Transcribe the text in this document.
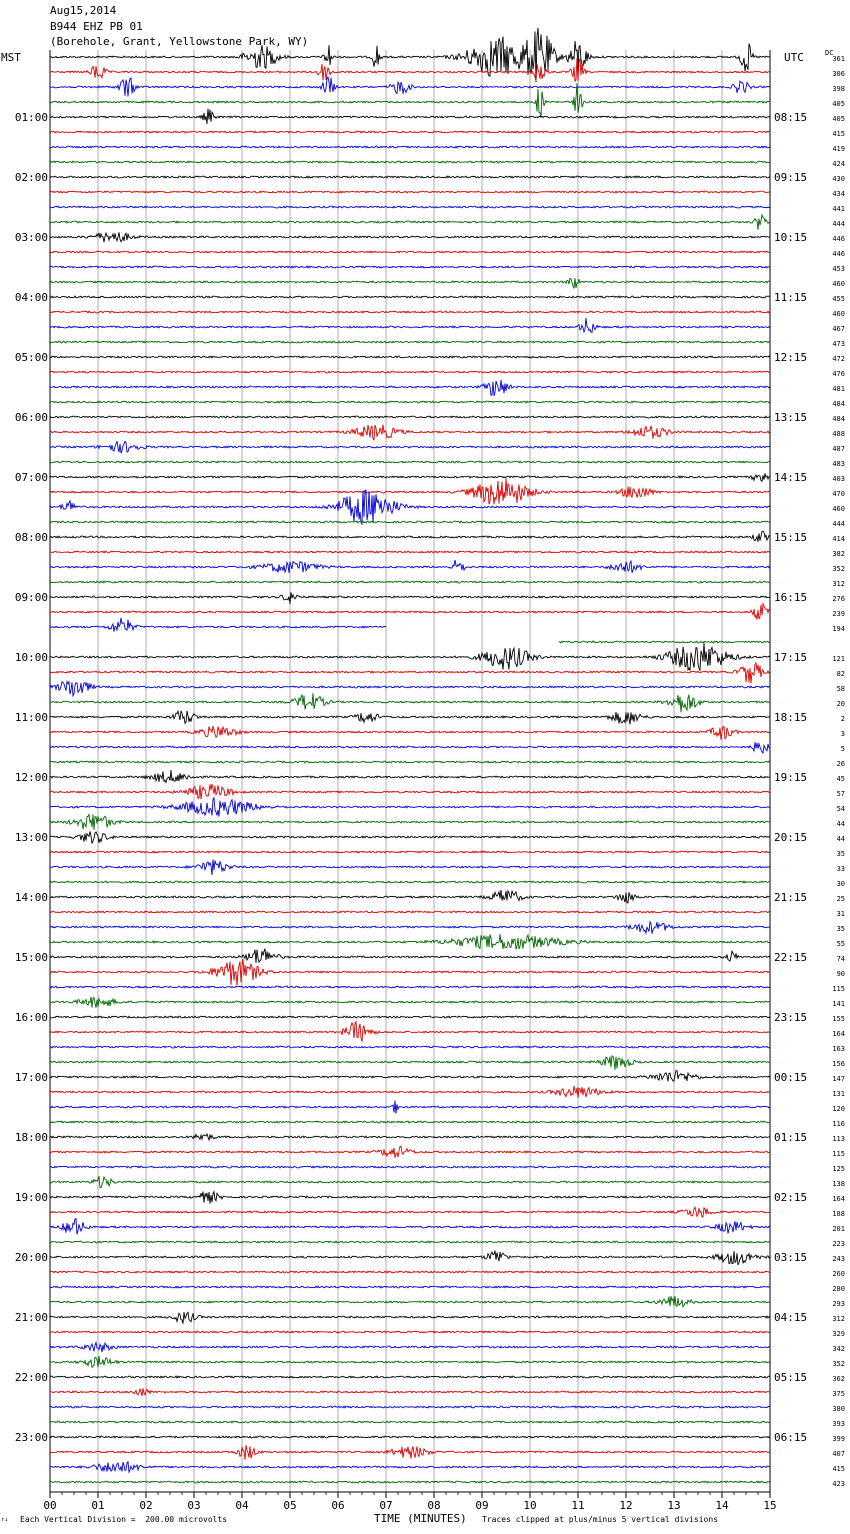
Aug15,2014
B944 EHZ PB 01
(Borehole, Grant, Yellowstone Park, WY)
MST	UTC	DC
00	01	02	03	04	05	06	07	08	09	10	11	12	13	14	15
01:00
02:00
03:00
04:00
05:00
06:00
07:00
08:00
09:00
10:00
11:00
12:00
13:00
14:00
15:00
16:00
17:00
18:00
19:00
20:00
21:00
22:00
23:00
08:15
09:15
10:15
11:15
12:15
13:15
14:15
15:15
16:15
17:15
18:15
19:15
20:15
21:15
22:15
23:15
00:15
01:15
02:15
03:15
04:15
05:15
06:15
361
306
398
405
405
415
419
424
430
434
441
444
446
446
453
460
455
460
467
473
472
476
481
484
484
488
487
483
403
470
460
444
414
382
352
312
276
239
194
121
82
58
20
2
3
5
26
45
57
54
44
44
35
33
30
25
31
35
55
74
90
115
141
155
164
163
156
147
131
120
116
113
115
125
138
164
188
201
223
243
260
280
293
312
329
342
352
362
375
380
393
399
407
415
423
↑↓ Each Vertical Division =  200.00 microvolts	TIME (MINUTES) Traces clipped at plus/minus 5 vertical divisions
